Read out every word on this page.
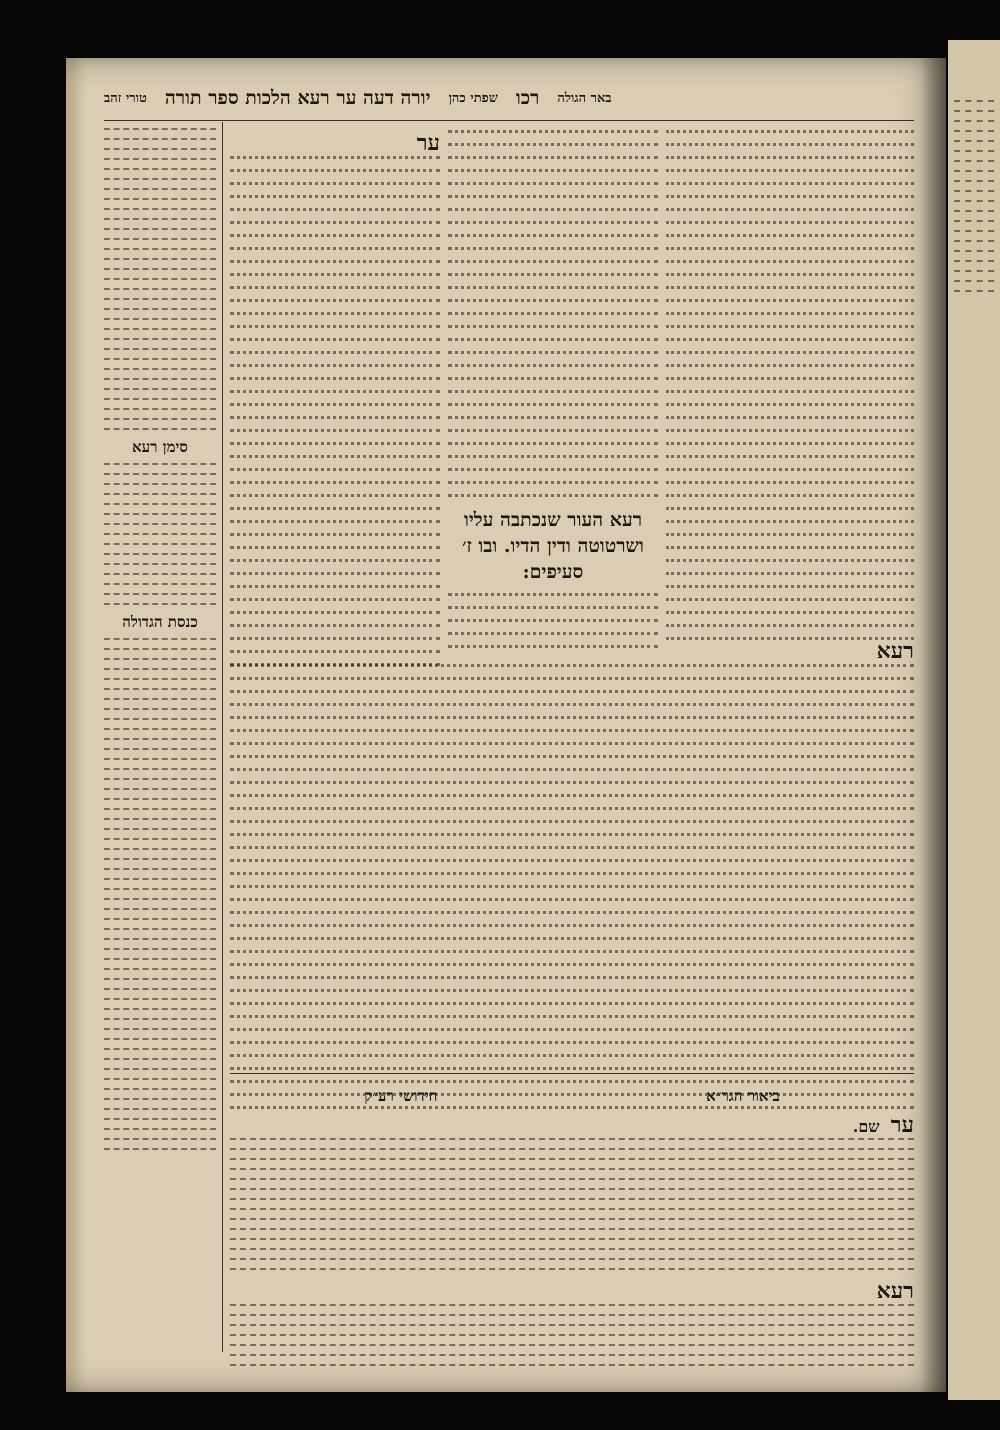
טורי זהב יורה דעה ער רעא הלכות ספר תורה שפתי כהן רכו באר הגולה
סימן רעא
כנסת הגדולה
ער
רעא העור שנכתבה עליו ושרטוטה ודין הדיו. ובו ז׳ סעיפים:
רעא
חידושי רע״ק	ביאור הגר״א
ער שם.
רעא
